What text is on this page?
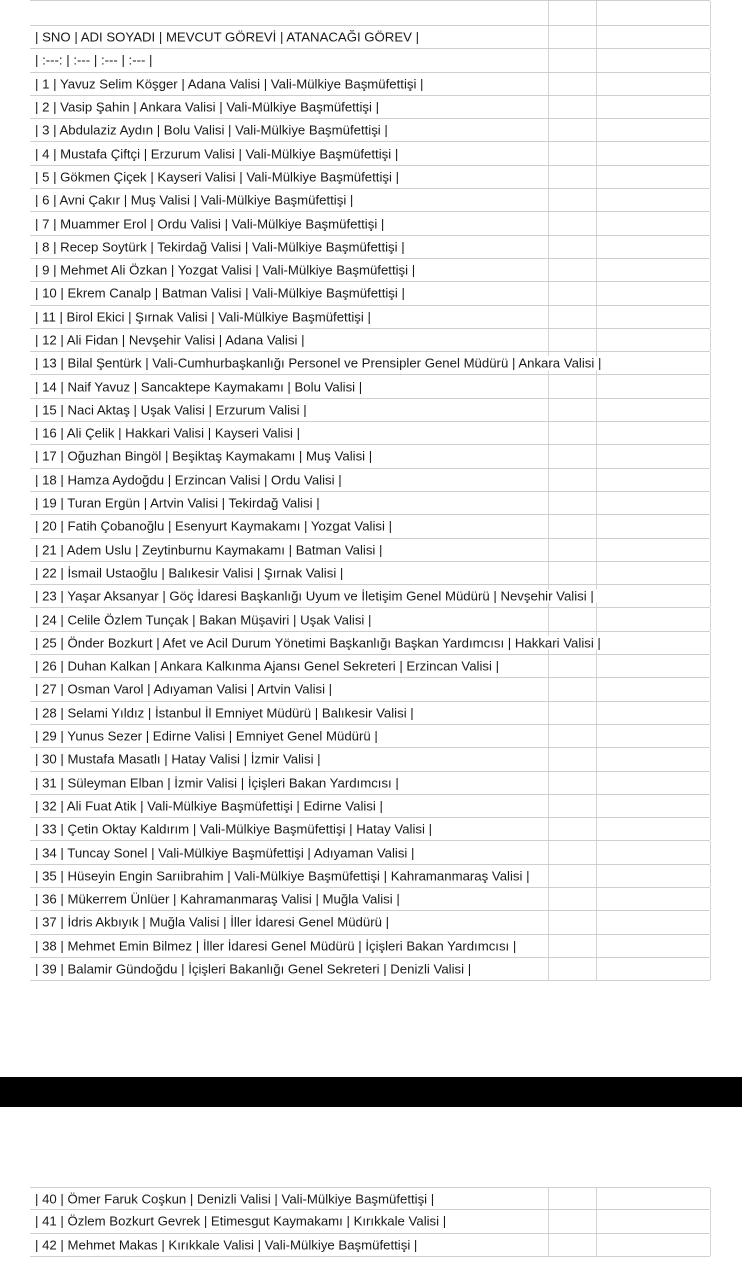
| SNO | ADI SOYADI | MEVCUT GÖREVİ | ATANACAĞI GÖREV |
| :---: | :--- | :--- | :--- |
| 1 | Yavuz Selim Köşger | Adana Valisi | Vali-Mülkiye Başmüfettişi |
| 2 | Vasip Şahin | Ankara Valisi | Vali-Mülkiye Başmüfettişi |
| 3 | Abdulaziz Aydın | Bolu Valisi | Vali-Mülkiye Başmüfettişi |
| 4 | Mustafa Çiftçi | Erzurum Valisi | Vali-Mülkiye Başmüfettişi |
| 5 | Gökmen Çiçek | Kayseri Valisi | Vali-Mülkiye Başmüfettişi |
| 6 | Avni Çakır | Muş Valisi | Vali-Mülkiye Başmüfettişi |
| 7 | Muammer Erol | Ordu Valisi | Vali-Mülkiye Başmüfettişi |
| 8 | Recep Soytürk | Tekirdağ Valisi | Vali-Mülkiye Başmüfettişi |
| 9 | Mehmet Ali Özkan | Yozgat Valisi | Vali-Mülkiye Başmüfettişi |
| 10 | Ekrem Canalp | Batman Valisi | Vali-Mülkiye Başmüfettişi |
| 11 | Birol Ekici | Şırnak Valisi | Vali-Mülkiye Başmüfettişi |
| 12 | Ali Fidan | Nevşehir Valisi | Adana Valisi |
| 13 | Bilal Şentürk | Vali-Cumhurbaşkanlığı Personel ve Prensipler Genel Müdürü | Ankara Valisi |
| 14 | Naif Yavuz | Sancaktepe Kaymakamı | Bolu Valisi |
| 15 | Naci Aktaş | Uşak Valisi | Erzurum Valisi |
| 16 | Ali Çelik | Hakkari Valisi | Kayseri Valisi |
| 17 | Oğuzhan Bingöl | Beşiktaş Kaymakamı | Muş Valisi |
| 18 | Hamza Aydoğdu | Erzincan Valisi | Ordu Valisi |
| 19 | Turan Ergün | Artvin Valisi | Tekirdağ Valisi |
| 20 | Fatih Çobanoğlu | Esenyurt Kaymakamı | Yozgat Valisi |
| 21 | Adem Uslu | Zeytinburnu Kaymakamı | Batman Valisi |
| 22 | İsmail Ustaoğlu | Balıkesir Valisi | Şırnak Valisi |
| 23 | Yaşar Aksanyar | Göç İdaresi Başkanlığı Uyum ve İletişim Genel Müdürü | Nevşehir Valisi |
| 24 | Celile Özlem Tunçak | Bakan Müşaviri | Uşak Valisi |
| 25 | Önder Bozkurt | Afet ve Acil Durum Yönetimi Başkanlığı Başkan Yardımcısı | Hakkari Valisi |
| 26 | Duhan Kalkan | Ankara Kalkınma Ajansı Genel Sekreteri | Erzincan Valisi |
| 27 | Osman Varol | Adıyaman Valisi | Artvin Valisi |
| 28 | Selami Yıldız | İstanbul İl Emniyet Müdürü | Balıkesir Valisi |
| 29 | Yunus Sezer | Edirne Valisi | Emniyet Genel Müdürü |
| 30 | Mustafa Masatlı | Hatay Valisi | İzmir Valisi |
| 31 | Süleyman Elban | İzmir Valisi | İçişleri Bakan Yardımcısı |
| 32 | Ali Fuat Atik | Vali-Mülkiye Başmüfettişi | Edirne Valisi |
| 33 | Çetin Oktay Kaldırım | Vali-Mülkiye Başmüfettişi | Hatay Valisi |
| 34 | Tuncay Sonel | Vali-Mülkiye Başmüfettişi | Adıyaman Valisi |
| 35 | Hüseyin Engin Sarıibrahim | Vali-Mülkiye Başmüfettişi | Kahramanmaraş Valisi |
| 36 | Mükerrem Ünlüer | Kahramanmaraş Valisi | Muğla Valisi |
| 37 | İdris Akbıyık | Muğla Valisi | İller İdaresi Genel Müdürü |
| 38 | Mehmet Emin Bilmez | İller İdaresi Genel Müdürü | İçişleri Bakan Yardımcısı |
| 39 | Balamir Gündoğdu | İçişleri Bakanlığı Genel Sekreteri | Denizli Valisi |
| 40 | Ömer Faruk Coşkun | Denizli Valisi | Vali-Mülkiye Başmüfettişi |
| 41 | Özlem Bozkurt Gevrek | Etimesgut Kaymakamı | Kırıkkale Valisi |
| 42 | Mehmet Makas | Kırıkkale Valisi | Vali-Mülkiye Başmüfettişi |
